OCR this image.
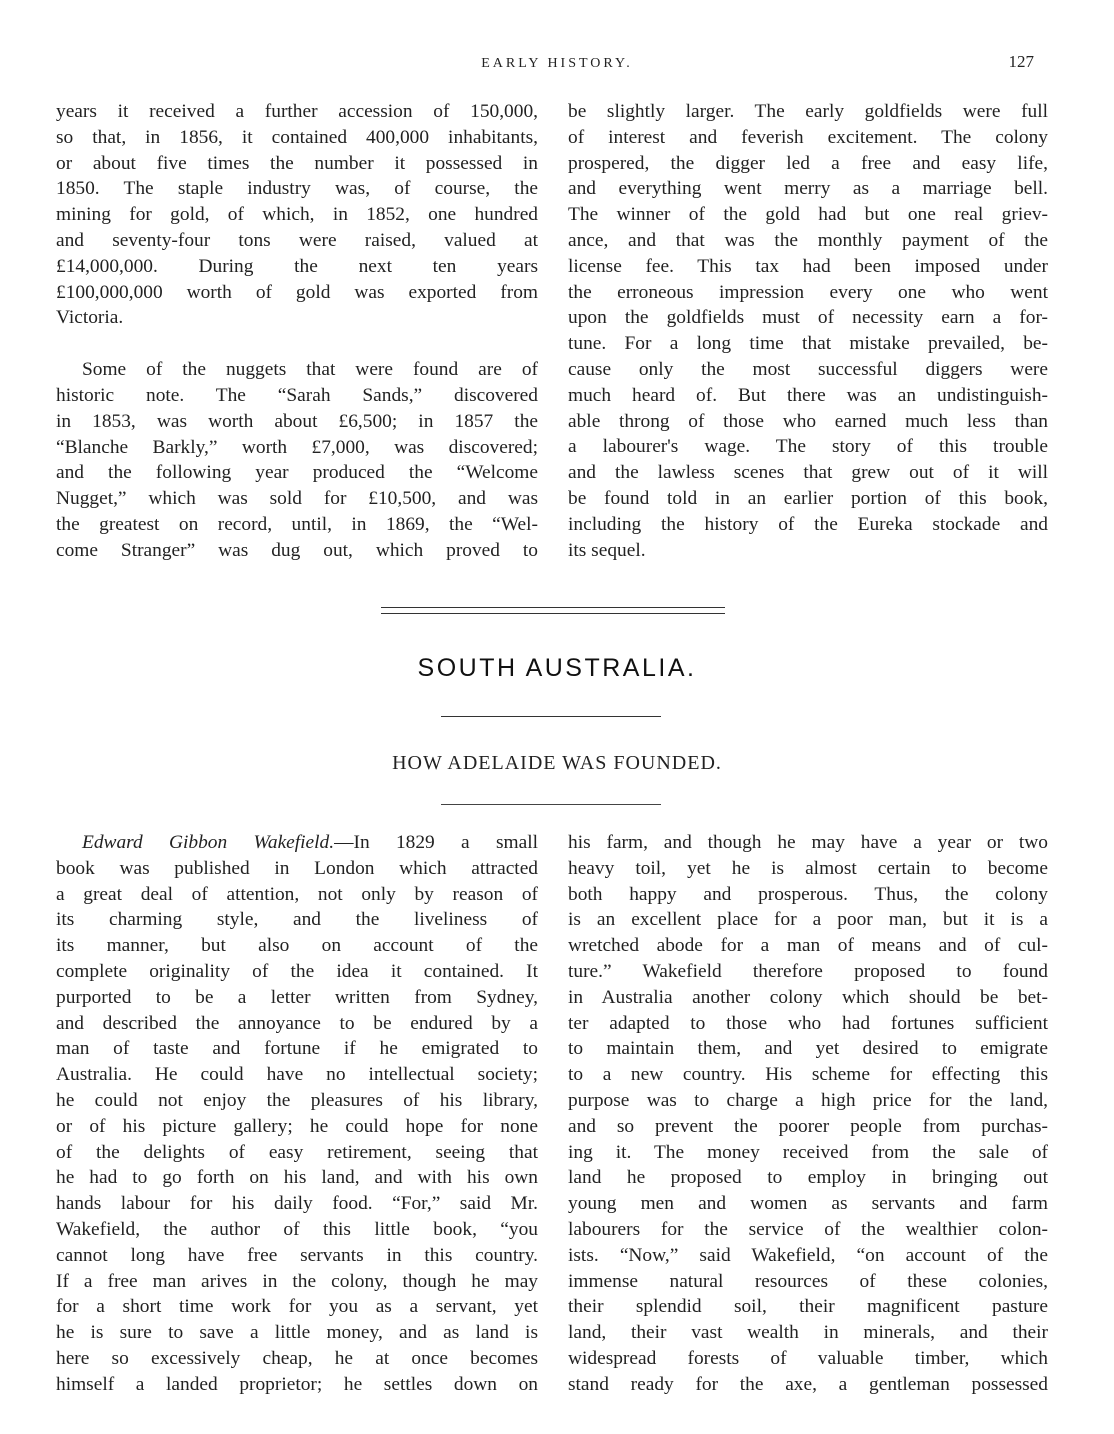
EARLY HISTORY.	127

years it received a further accession of 150,000,
so that, in 1856, it contained 400,000 inhabitants,
or about five times the number it possessed in
1850. The staple industry was, of course, the
mining for gold, of which, in 1852, one hundred
and seventy-four tons were raised, valued at
£14,000,000. During the next ten years
£100,000,000 worth of gold was exported from
Victoria.

Some of the nuggets that were found are of
historic note. The “Sarah Sands,” discovered
in 1853, was worth about £6,500; in 1857 the
“Blanche Barkly,” worth £7,000, was discovered;
and the following year produced the “Welcome
Nugget,” which was sold for £10,500, and was
the greatest on record, until, in 1869, the “Wel-
come Stranger” was dug out, which proved to

be slightly larger. The early goldfields were full
of interest and feverish excitement. The colony
prospered, the digger led a free and easy life,
and everything went merry as a marriage bell.
The winner of the gold had but one real griev-
ance, and that was the monthly payment of the
license fee. This tax had been imposed under
the erroneous impression every one who went
upon the goldfields must of necessity earn a for-
tune. For a long time that mistake prevailed, be-
cause only the most successful diggers were
much heard of. But there was an undistinguish-
able throng of those who earned much less than
a labourer's wage. The story of this trouble
and the lawless scenes that grew out of it will
be found told in an earlier portion of this book,
including the history of the Eureka stockade and
its sequel.

SOUTH AUSTRALIA.
HOW ADELAIDE WAS FOUNDED.

Edward Gibbon Wakefield.—In 1829 a small
book was published in London which attracted
a great deal of attention, not only by reason of
its charming style, and the liveliness of
its manner, but also on account of the
complete originality of the idea it contained. It
purported to be a letter written from Sydney,
and described the annoyance to be endured by a
man of taste and fortune if he emigrated to
Australia. He could have no intellectual society;
he could not enjoy the pleasures of his library,
or of his picture gallery; he could hope for none
of the delights of easy retirement, seeing that
he had to go forth on his land, and with his own
hands labour for his daily food. “For,” said Mr.
Wakefield, the author of this little book, “you
cannot long have free servants in this country.
If a free man arives in the colony, though he may
for a short time work for you as a servant, yet
he is sure to save a little money, and as land is
here so excessively cheap, he at once becomes
himself a landed proprietor; he settles down on

his farm, and though he may have a year or two
heavy toil, yet he is almost certain to become
both happy and prosperous. Thus, the colony
is an excellent place for a poor man, but it is a
wretched abode for a man of means and of cul-
ture.” Wakefield therefore proposed to found
in Australia another colony which should be bet-
ter adapted to those who had fortunes sufficient
to maintain them, and yet desired to emigrate
to a new country. His scheme for effecting this
purpose was to charge a high price for the land,
and so prevent the poorer people from purchas-
ing it. The money received from the sale of
land he proposed to employ in bringing out
young men and women as servants and farm
labourers for the service of the wealthier colon-
ists. “Now,” said Wakefield, “on account of the
immense natural resources of these colonies,
their splendid soil, their magnificent pasture
land, their vast wealth in minerals, and their
widespread forests of valuable timber, which
stand ready for the axe, a gentleman possessed
